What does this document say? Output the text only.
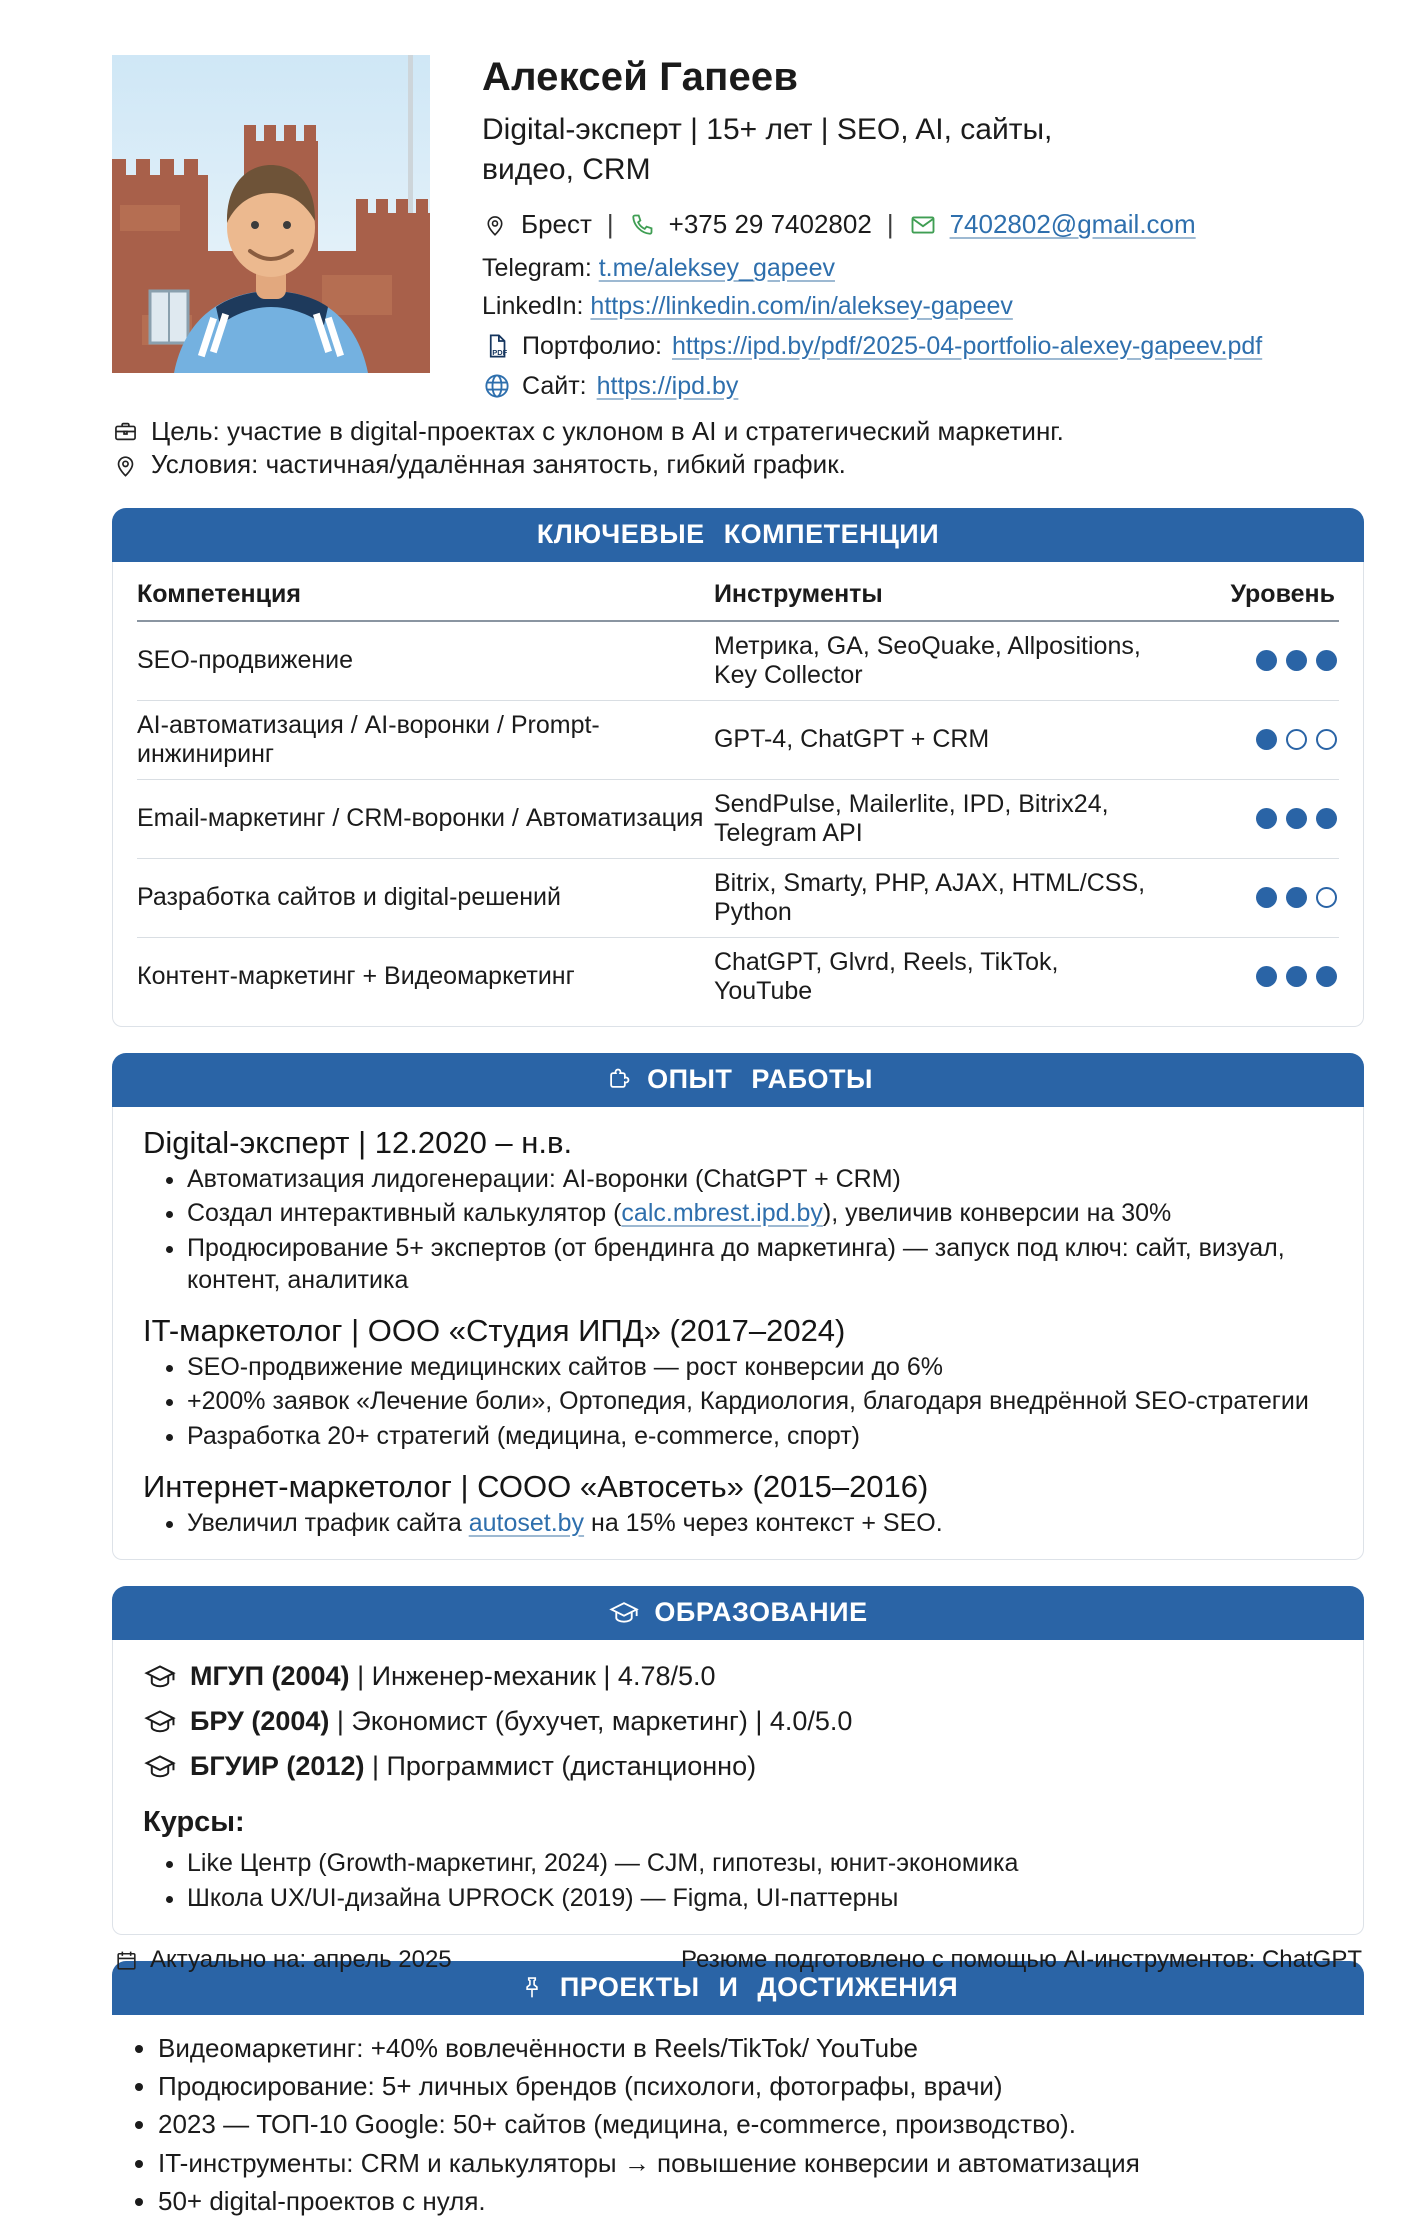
Алексей Гапеев
Digital-эксперт | 15+ лет | SEO, AI, сайты, видео, CRM
Брест | +375 29 7402802 | 7402802@gmail.com
Telegram: t.me/aleksey_gapeev
LinkedIn: https://linkedin.com/in/aleksey-gapeev
PDF Портфолио: https://ipd.by/pdf/2025-04-portfolio-alexey-gapeev.pdf
Сайт: https://ipd.by
Цель: участие в digital-проектах с уклоном в AI и стратегический маркетинг.
Условия: частичная/удалённая занятость, гибкий график.
КЛЮЧЕВЫЕ КОМПЕТЕНЦИИ
Компетенция	Инструменты	Уровень
SEO-продвижение	Метрика, GA, SeoQuake, Allpositions, Key Collector	

AI-автоматизация / AI-воронки / Prompt-инжиниринг	GPT-4, ChatGPT + CRM	

Email-маркетинг / CRM-воронки / Автоматизация	SendPulse, Mailerlite, IPD, Bitrix24, Telegram API	

Разработка сайтов и digital-решений	Bitrix, Smarty, PHP, AJAX, HTML/CSS, Python	

Контент-маркетинг + Видеомаркетинг	ChatGPT, Glvrd, Reels, TikTok, YouTube	
ОПЫТ РАБОТЫ
Digital-эксперт | 12.2020 – н.в.
• Автоматизация лидогенерации: AI-воронки (ChatGPT + CRM)
• Создал интерактивный калькулятор (calc.mbrest.ipd.by), увеличив конверсии на 30%
• Продюсирование 5+ экспертов (от брендинга до маркетинга) — запуск под ключ: сайт, визуал, контент, аналитика
IT-маркетолог | ООО «Студия ИПД» (2017–2024)
• SEO-продвижение медицинских сайтов — рост конверсии до 6%
• +200% заявок «Лечение боли», Ортопедия, Кардиология, благодаря внедрённой SEO-стратегии
• Разработка 20+ стратегий (медицина, e-commerce, спорт)
Интернет-маркетолог | СООО «Автосеть» (2015–2016)
• Увеличил трафик сайта autoset.by на 15% через контекст + SEO.
ОБРАЗОВАНИЕ
МГУП (2004) | Инженер-механик | 4.78/5.0
БРУ (2004) | Экономист (бухучет, маркетинг) | 4.0/5.0
БГУИР (2012) | Программист (дистанционно)
Курсы:
• Like Центр (Growth-маркетинг, 2024) — CJM, гипотезы, юнит-экономика
• Школа UX/UI-дизайна UPROCK (2019) — Figma, UI-паттерны
ПРОЕКТЫ И ДОСТИЖЕНИЯ
• Видеомаркетинг: +40% вовлечённости в Reels/TikTok/ YouTube
• Продюсирование: 5+ личных брендов (психологи, фотографы, врачи)
• 2023 — ТОП-10 Google: 50+ сайтов (медицина, e-commerce, производство).
• IT-инструменты: CRM и калькуляторы → повышение конверсии и автоматизация
• 50+ digital-проектов с нуля.
Актуально на: апрель 2025	Резюме подготовлено с помощью AI-инструментов: ChatGPT
